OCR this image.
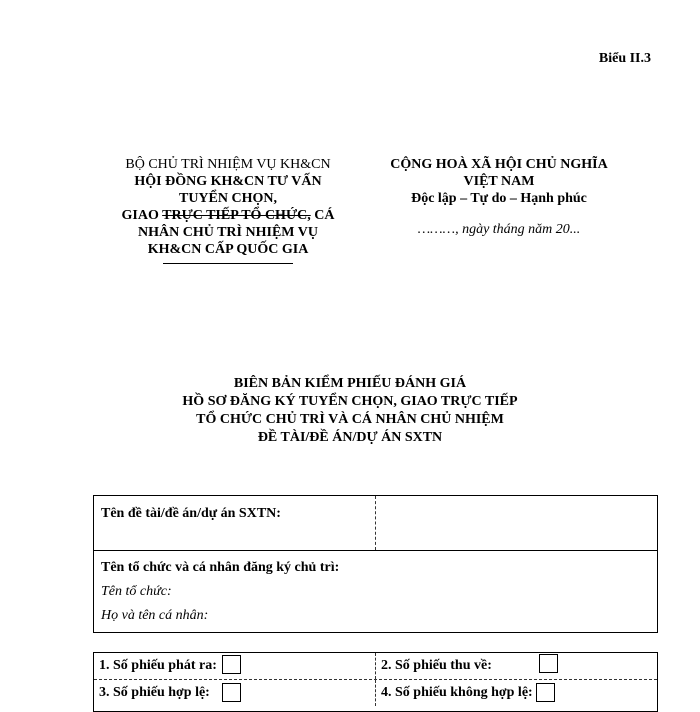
Biểu II.3
BỘ CHỦ TRÌ NHIỆM VỤ KH&CN
HỘI ĐỒNG KH&CN TƯ VẤN
TUYỂN CHỌN,
GIAO TRỰC TIẾP TỔ CHỨC, CÁ
NHÂN CHỦ TRÌ NHIỆM VỤ
KH&CN CẤP QUỐC GIA
CỘNG HOÀ XÃ HỘI CHỦ NGHĨA
VIỆT NAM
Độc lập – Tự do – Hạnh phúc
………, ngày tháng năm 20...
BIÊN BẢN KIỂM PHIẾU ĐÁNH GIÁ
HỒ SƠ ĐĂNG KÝ TUYỂN CHỌN, GIAO TRỰC TIẾP
TỔ CHỨC CHỦ TRÌ VÀ CÁ NHÂN CHỦ NHIỆM
ĐỀ TÀI/ĐỀ ÁN/DỰ ÁN SXTN
Tên đề tài/đề án/dự án SXTN:
Tên tổ chức và cá nhân đăng ký chủ trì:
Tên tổ chức:
Họ và tên cá nhân:
1. Số phiếu phát ra:	2. Số phiếu thu về:
3. Số phiếu hợp lệ:	4. Số phiếu không hợp lệ:
